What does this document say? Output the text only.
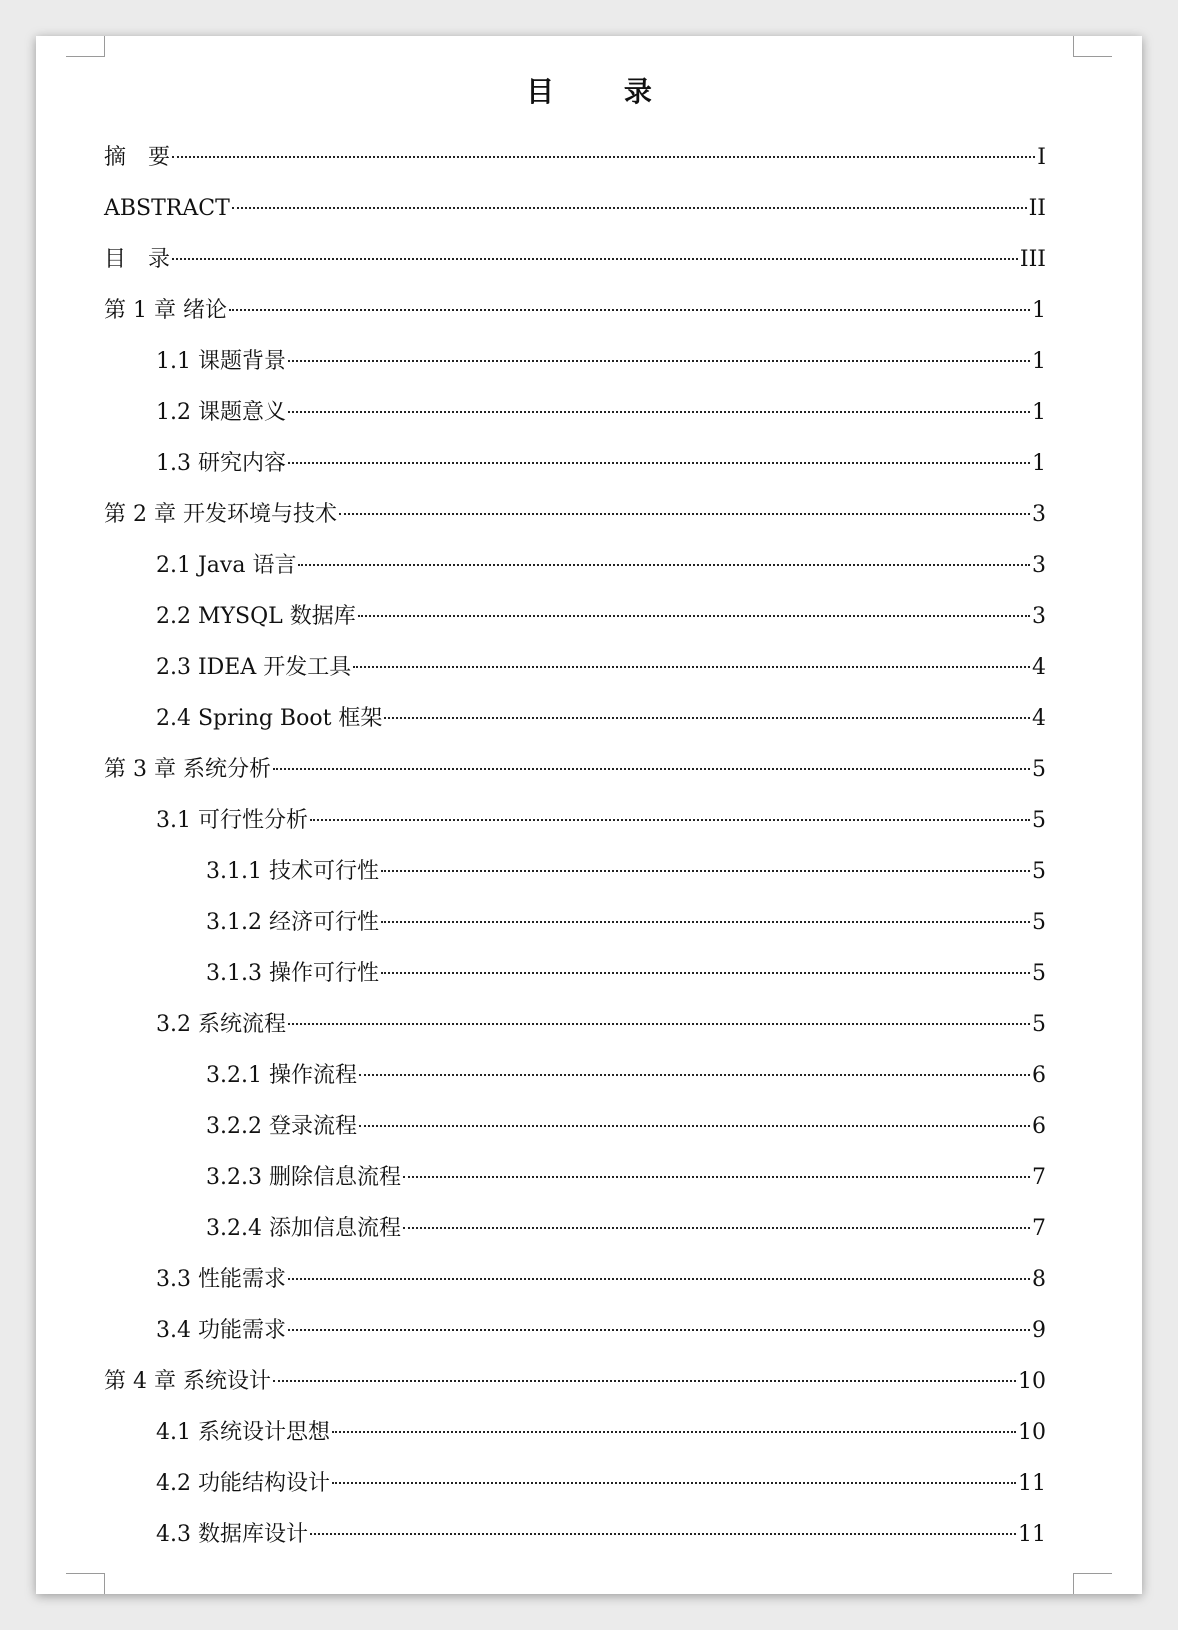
目 录
摘　要	I
ABSTRACT	II
目　录	III
第 1 章 绪论	1
1.1 课题背景	1
1.2 课题意义	1
1.3 研究内容	1
第 2 章 开发环境与技术	3
2.1 Java 语言	3
2.2 MYSQL 数据库	3
2.3 IDEA 开发工具	4
2.4 Spring Boot 框架	4
第 3 章 系统分析	5
3.1 可行性分析	5
3.1.1 技术可行性	5
3.1.2 经济可行性	5
3.1.3 操作可行性	5
3.2 系统流程	5
3.2.1 操作流程	6
3.2.2 登录流程	6
3.2.3 删除信息流程	7
3.2.4 添加信息流程	7
3.3 性能需求	8
3.4 功能需求	9
第 4 章 系统设计	10
4.1 系统设计思想	10
4.2 功能结构设计	11
4.3 数据库设计	11
